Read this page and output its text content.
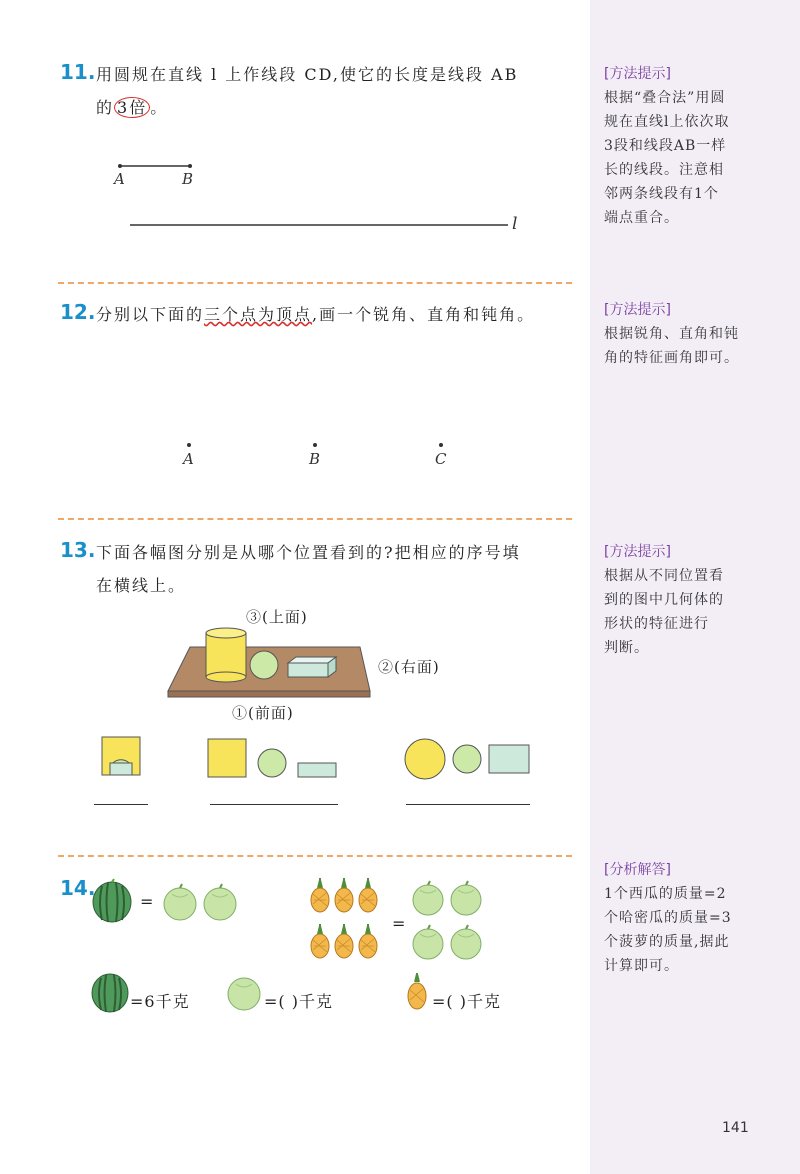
[方法提示]
根据“叠合法”用圆
规在直线l上依次取
3段和线段AB一样
长的线段。注意相
邻两条线段有1个
端点重合。
[方法提示]
根据锐角、直角和钝
角的特征画角即可。
[方法提示]
根据从不同位置看
到的图中几何体的
形状的特征进行
判断。
[分析解答]
1个西瓜的质量=2
个哈密瓜的质量=3
个菠萝的质量,据此
计算即可。
11. 用圆规在直线 l 上作线段 CD,使它的长度是线段 AB
的 3倍 。
A	B
l
12. 分别以下面的三个点为顶点,画一个锐角、直角和钝角。
A	B	C
13. 下面各幅图分别是从哪个位置看到的?把相应的序号填
在横线上。
③(上面)
②(右面)
①(前面)
14.
=
=
=6千克	=( )千克	=( )千克
141
